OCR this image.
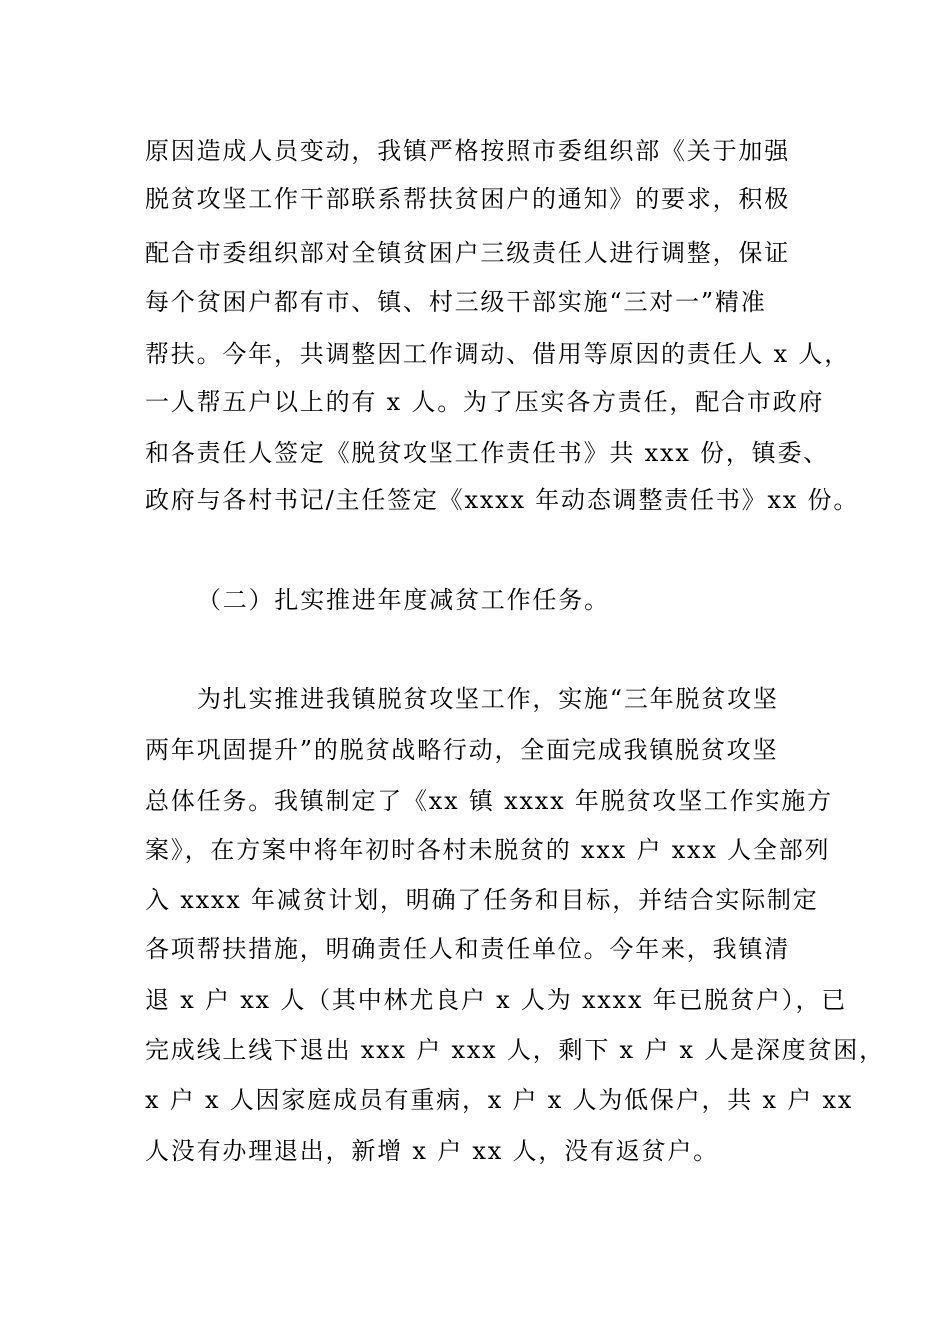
原因造成人员变动，我镇严格按照市委组织部《关于加强
脱贫攻坚工作干部联系帮扶贫困户的通知》的要求，积极
配合市委组织部对全镇贫困户三级责任人进行调整，保证
每个贫困户都有市、镇、村三级干部实施“三对一”精准
帮扶。今年，共调整因工作调动、借用等原因的责任人 x 人，
一人帮五户以上的有 x 人。为了压实各方责任，配合市政府
和各责任人签定《脱贫攻坚工作责任书》共 xxx 份，镇委、
政府与各村书记/主任签定《xxxx 年动态调整责任书》xx 份。
（二）扎实推进年度减贫工作任务。
为扎实推进我镇脱贫攻坚工作，实施“三年脱贫攻坚
两年巩固提升”的脱贫战略行动，全面完成我镇脱贫攻坚
总体任务。我镇制定了《xx 镇 xxxx 年脱贫攻坚工作实施方
案》，在方案中将年初时各村未脱贫的 xxx 户 xxx 人全部列
入 xxxx 年减贫计划，明确了任务和目标，并结合实际制定
各项帮扶措施，明确责任人和责任单位。今年来，我镇清
退 x 户 xx 人（其中林尤良户 x 人为 xxxx 年已脱贫户），已
完成线上线下退出 xxx 户 xxx 人，剩下 x 户 x 人是深度贫困，
x 户 x 人因家庭成员有重病，x 户 x 人为低保户，共 x 户 xx
人没有办理退出，新增 x 户 xx 人，没有返贫户。
